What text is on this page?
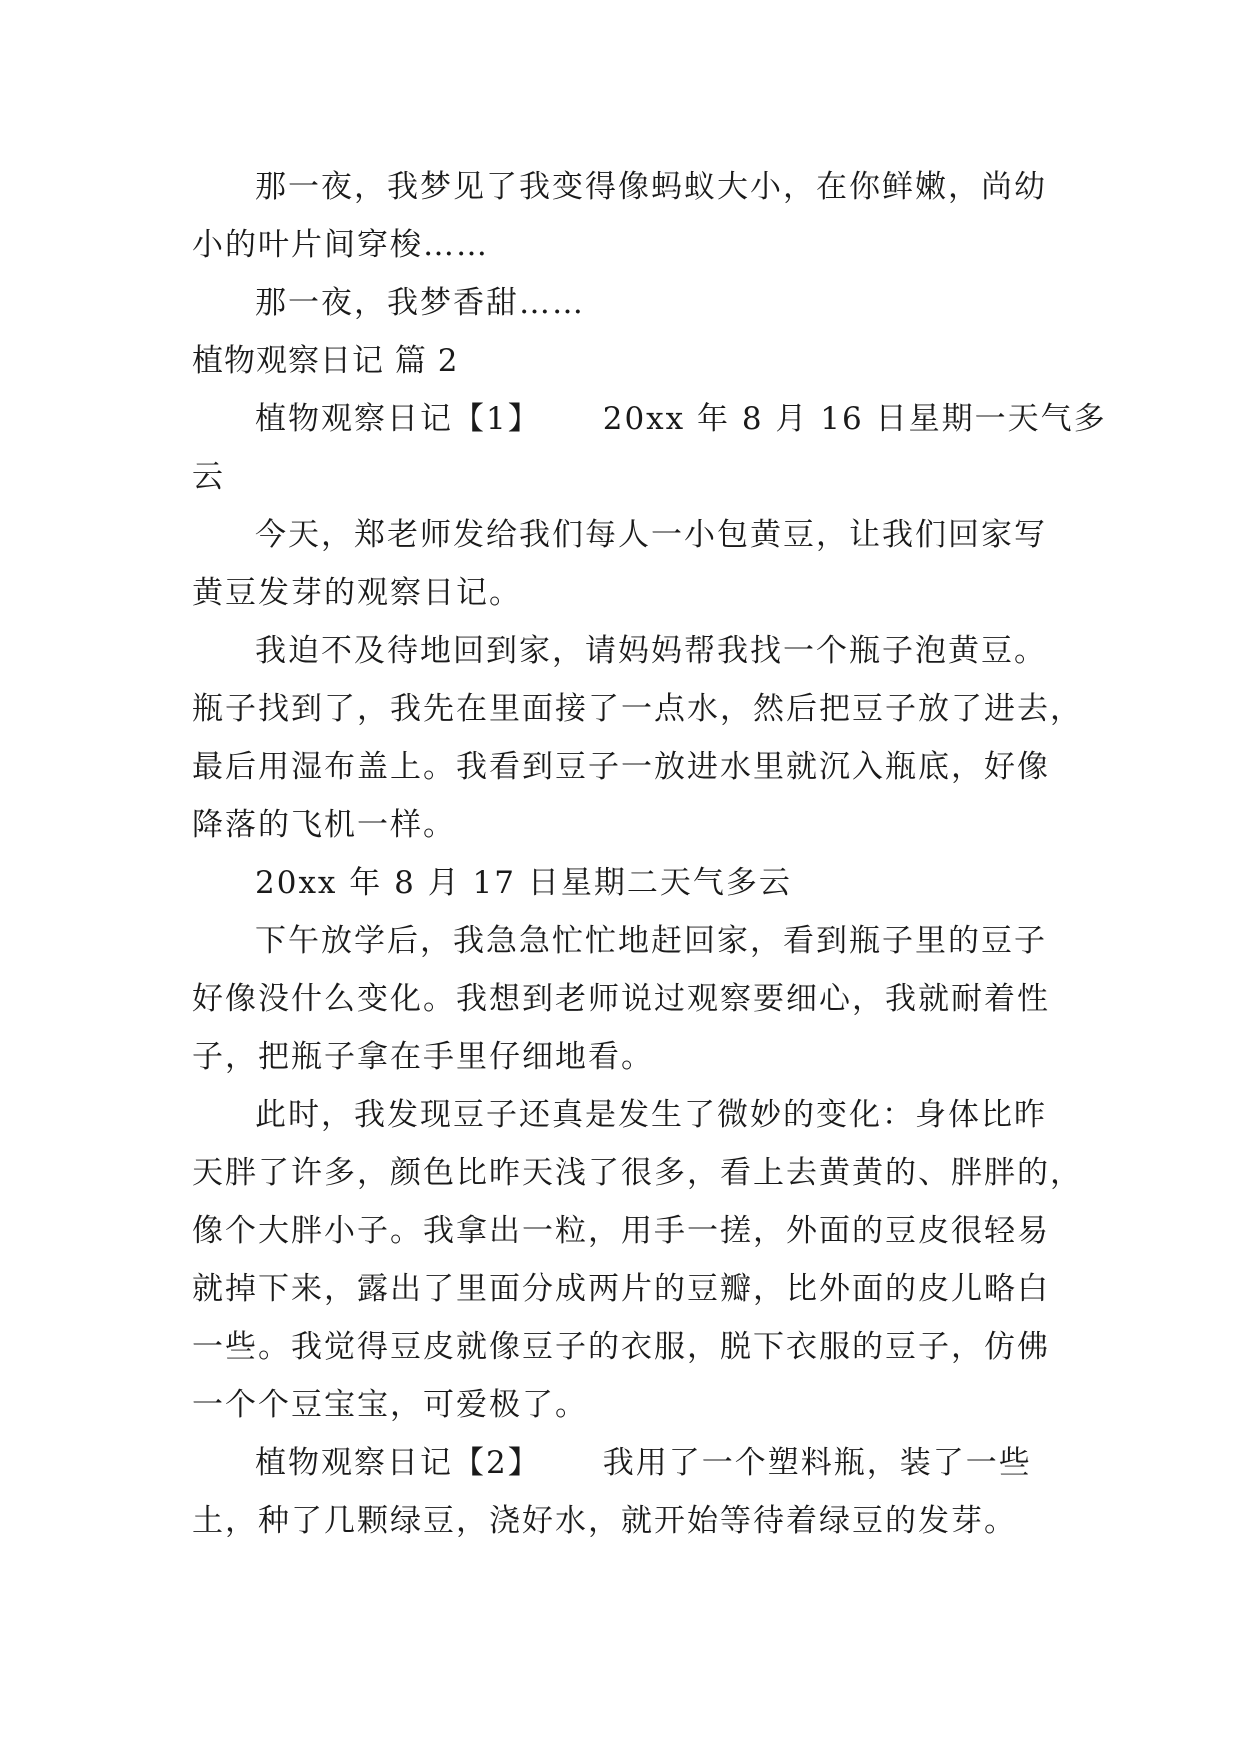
那一夜，我梦见了我变得像蚂蚁大小，在你鲜嫩，尚幼
小的叶片间穿梭……
那一夜，我梦香甜……
植物观察日记 篇 2
植物观察日记【1】 20xx 年 8 月 16 日星期一天气多
云
今天，郑老师发给我们每人一小包黄豆，让我们回家写
黄豆发芽的观察日记。
我迫不及待地回到家，请妈妈帮我找一个瓶子泡黄豆。
瓶子找到了，我先在里面接了一点水，然后把豆子放了进去，
最后用湿布盖上。我看到豆子一放进水里就沉入瓶底，好像
降落的飞机一样。
20xx 年 8 月 17 日星期二天气多云
下午放学后，我急急忙忙地赶回家，看到瓶子里的豆子
好像没什么变化。我想到老师说过观察要细心，我就耐着性
子，把瓶子拿在手里仔细地看。
此时，我发现豆子还真是发生了微妙的变化：身体比昨
天胖了许多，颜色比昨天浅了很多，看上去黄黄的、胖胖的，
像个大胖小子。我拿出一粒，用手一搓，外面的豆皮很轻易
就掉下来，露出了里面分成两片的豆瓣，比外面的皮儿略白
一些。我觉得豆皮就像豆子的衣服，脱下衣服的豆子，仿佛
一个个豆宝宝，可爱极了。
植物观察日记【2】 我用了一个塑料瓶，装了一些
土，种了几颗绿豆，浇好水，就开始等待着绿豆的发芽。
